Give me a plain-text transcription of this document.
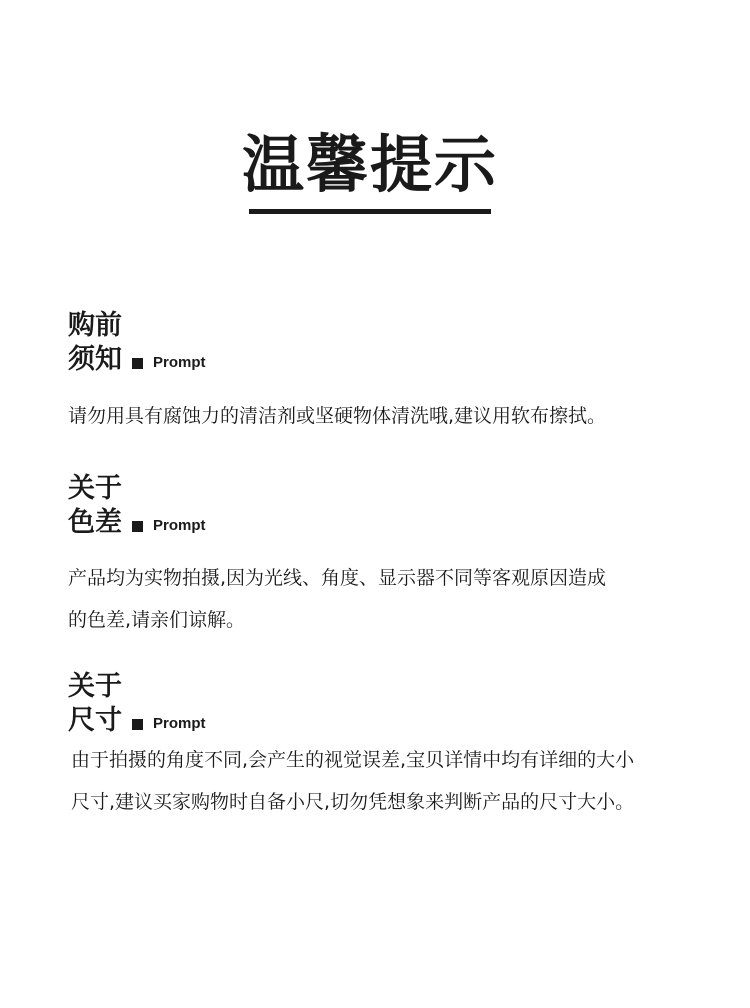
温馨提示
购前
须知 Prompt
请勿用具有腐蚀力的清洁剂或坚硬物体清洗哦,建议用软布擦拭。
关于
色差 Prompt
产品均为实物拍摄,因为光线、角度、显示器不同等客观原因造成
的色差,请亲们谅解。
关于
尺寸 Prompt
由于拍摄的角度不同,会产生的视觉误差,宝贝详情中均有详细的大小
尺寸,建议买家购物时自备小尺,切勿凭想象来判断产品的尺寸大小。
